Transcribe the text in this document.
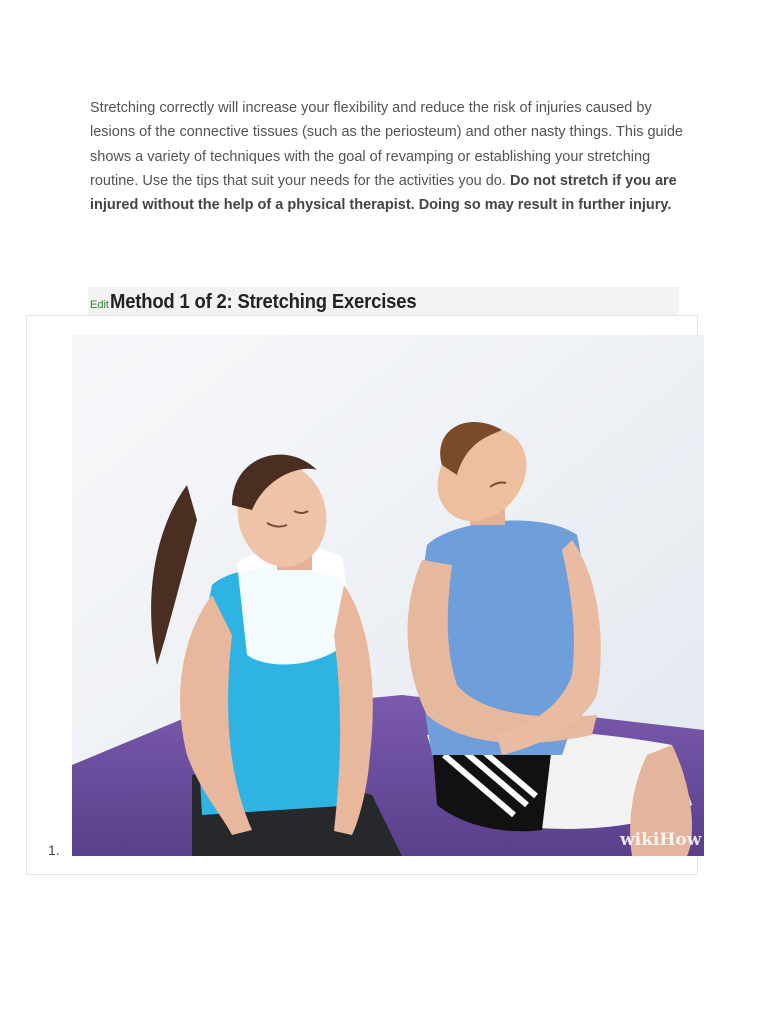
Stretching correctly will increase your flexibility and reduce the risk of injuries caused by lesions of the connective tissues (such as the periosteum) and other nasty things. This guide shows a variety of techniques with the goal of revamping or establishing your stretching routine. Use the tips that suit your needs for the activities you do. Do not stretch if you are injured without the help of a physical therapist. Doing so may result in further injury.
Edit Method 1 of 2: Stretching Exercises
1.	wikiHow
